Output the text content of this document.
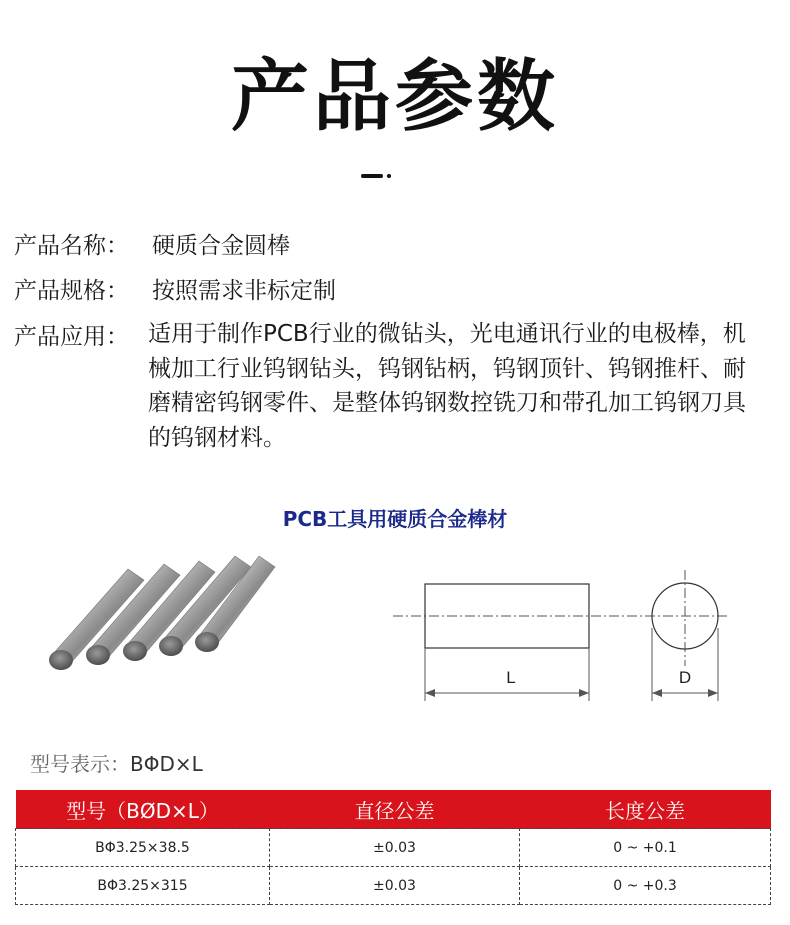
产品参数
产品名称： 硬质合金圆棒
产品规格： 按照需求非标定制
产品应用： 适用于制作PCB行业的微钻头，光电通讯行业的电极棒，机械加工行业钨钢钻头，钨钢钻柄，钨钢顶针、钨钢推杆、耐磨精密钨钢零件、是整体钨钢数控铣刀和带孔加工钨钢刀具的钨钢材料。
PCB工具用硬质合金棒材
L	D
型号表示：BΦD×L
型号（BØD×L）	直径公差	长度公差
BΦ3.25×38.5	±0.03	0 ~ +0.1
BΦ3.25×315	±0.03	0 ~ +0.3
